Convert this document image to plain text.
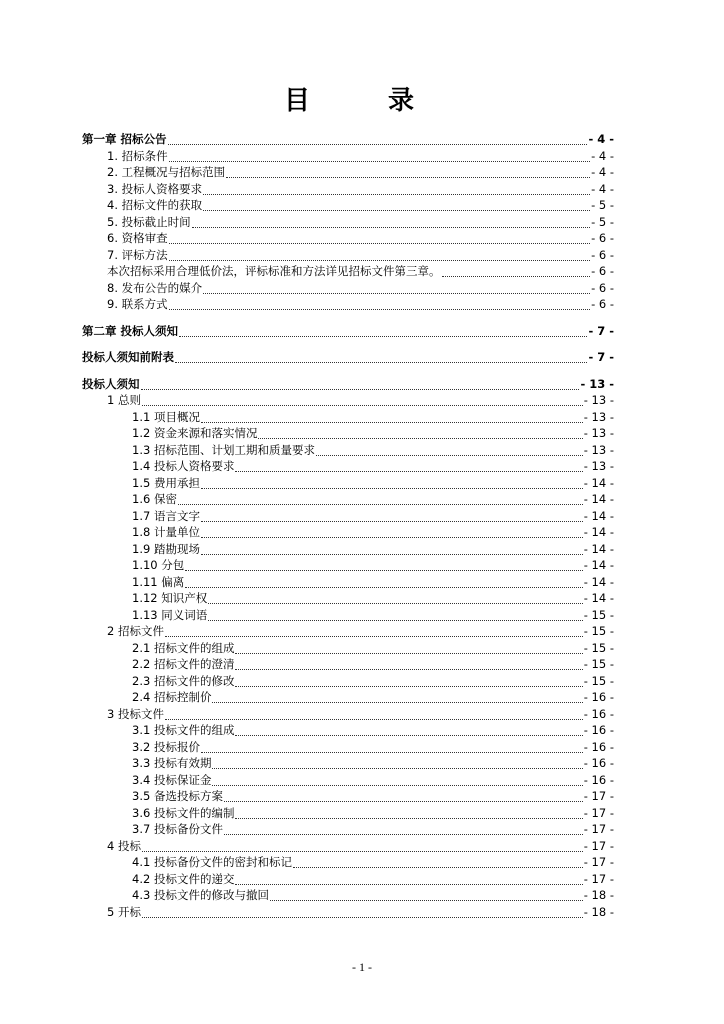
目　录
第一章 招标公告	- 4 -
1. 招标条件	- 4 -
2. 工程概况与招标范围	- 4 -
3. 投标人资格要求	- 4 -
4. 招标文件的获取	- 5 -
5. 投标截止时间	- 5 -
6. 资格审查	- 6 -
7. 评标方法	- 6 -
本次招标采用合理低价法，评标标准和方法详见招标文件第三章。	- 6 -
8. 发布公告的媒介	- 6 -
9. 联系方式	- 6 -
第二章 投标人须知	- 7 -
投标人须知前附表	- 7 -
投标人须知	- 13 -
1 总则	- 13 -
1.1 项目概况	- 13 -
1.2 资金来源和落实情况	- 13 -
1.3 招标范围、计划工期和质量要求	- 13 -
1.4 投标人资格要求	- 13 -
1.5 费用承担	- 14 -
1.6 保密	- 14 -
1.7 语言文字	- 14 -
1.8 计量单位	- 14 -
1.9 踏勘现场	- 14 -
1.10 分包	- 14 -
1.11 偏离	- 14 -
1.12 知识产权	- 14 -
1.13 同义词语	- 15 -
2 招标文件	- 15 -
2.1 招标文件的组成	- 15 -
2.2 招标文件的澄清	- 15 -
2.3 招标文件的修改	- 15 -
2.4 招标控制价	- 16 -
3 投标文件	- 16 -
3.1 投标文件的组成	- 16 -
3.2 投标报价	- 16 -
3.3 投标有效期	- 16 -
3.4 投标保证金	- 16 -
3.5 备选投标方案	- 17 -
3.6 投标文件的编制	- 17 -
3.7 投标备份文件	- 17 -
4 投标	- 17 -
4.1 投标备份文件的密封和标记	- 17 -
4.2 投标文件的递交	- 17 -
4.3 投标文件的修改与撤回	- 18 -
5 开标	- 18 -
- 1 -
